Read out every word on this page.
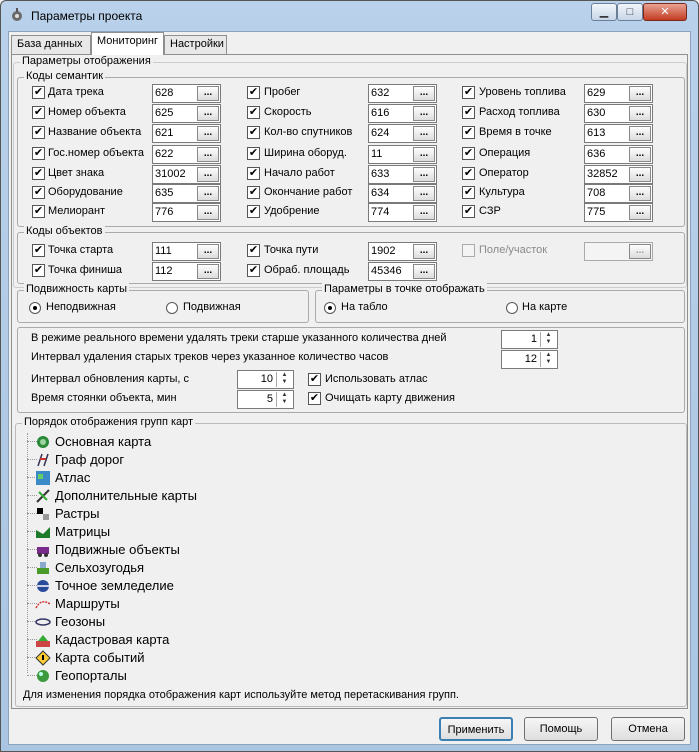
Параметры проекта	▁	□	✕
База данных	Мониторинг	Настройки
Параметры отображения
Коды семантик
✔ Дата трека	628	...
✔ Номер объекта	625	...
✔ Название объекта 621	...
✔ Гос.номер объекта 622	...
✔ Цвет знака	31002	...
✔ Оборудование	635	...
✔ Мелиорант	776	...
✔ Пробег	632	...
✔ Скорость	616	...
✔ Кол-во спутников 624	...
✔ Ширина оборуд. 11	...
✔ Начало работ	633	...
✔ Окончание работ 634	...
✔ Удобрение	774	...
✔ Уровень топлива 629	...
✔ Расход топлива 630	...
✔ Время в точке	613	...
✔ Операция	636	...
✔ Оператор	32852	...
✔ Культура	708	...
✔ СЗР	775	...
Коды объектов
✔ Точка старта	111	...
✔ Точка финиша	112	...
✔ Точка пути	1902	...
✔ Обраб. площадь 45346	...
Поле/участок	...
Подвижность карты
Неподвижная	Подвижная
Параметры в точке отображать
На табло	На карте
В режиме реального времени удалять треки старше указанного количества дней	1	▲
▼
Интервал удаления старых треков через указанное количество часов	12	▲
▼
Интервал обновления карты, с	10	▲
▼
Время стоянки объекта, мин	5	▲
▼
✔ Использовать атлас
✔ Очищать карту движения
Порядок отображения групп карт
Основная карта
Граф дорог
Атлас
Дополнительные карты
Растры
Матрицы
Подвижные объекты
Сельхозугодья
Точное земледелие
Маршруты
Геозоны
Кадастровая карта
Карта событий
Геопорталы
Для изменения порядка отображения карт используйте метод перетаскивания групп.
Применить	Помощь	Отмена
